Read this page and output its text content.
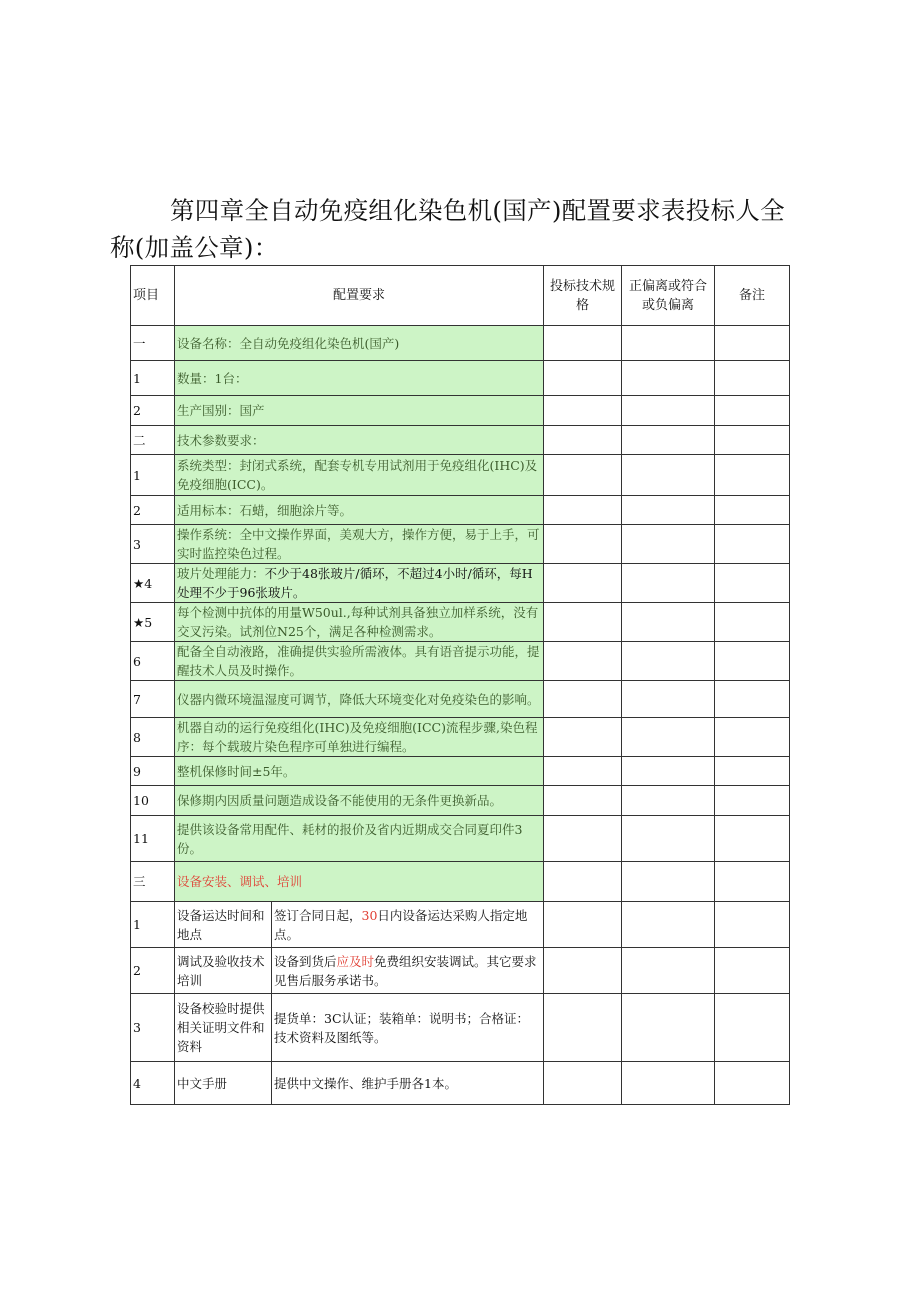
第四章全自动免疫组化染色机(国产)配置要求表投标人全称(加盖公章)：
项目	配置要求		投标技术规格	正偏离或符合或负偏离	备注
一	设备名称：全自动免疫组化染色机(国产)				
1	数量：1台：				
2	生产国别：国产				
二	技术参数要求：				
1	系统类型：封闭式系统，配套专机专用试剂用于免疫组化(IHC)及免疫细胞(ICC)。				
2	适用标本：石蜡，细胞涂片等。				
3	操作系统：全中文操作界面，美观大方，操作方便，易于上手，可实时监控染色过程。				
★4	玻片处理能力：不少于48张玻片/循环，不超过4小时/循环，每H处理不少于96张玻片。				
★5	每个检测中抗体的用量W50ul.,每种试剂具备独立加样系统，没有交叉污染。试剂位N25个，满足各种检测需求。				
6	配备全自动液路，准确提供实验所需液体。具有语音提示功能，提醒技术人员及时操作。				
7	仪器内微环境温湿度可调节，降低大环境变化对免疫染色的影响。				
8	机器自动的运行免疫组化(IHC)及免疫细胞(ICC)流程步骤,染色程序：每个载玻片染色程序可单独进行编程。				
9	整机保修时间±5年。				
10	保修期内因质量问题造成设备不能使用的无条件更换新品。				
11	提供该设备常用配件、耗材的报价及省内近期成交合同夏印件3份。				
三	设备安装、调试、培训				
1	设备运达时间和地点	签订合同日起，30日内设备运达采购人指定地点。			
2	调试及验收技术培训	设备到货后应及时免费组织安装调试。其它要求见售后服务承诺书。			
3	设备校验时提供相关证明文件和资料	提货单：3C认证；装箱单：说明书；合格证：技术资料及图纸等。			
4	中文手册	提供中文操作、维护手册各1本。			
